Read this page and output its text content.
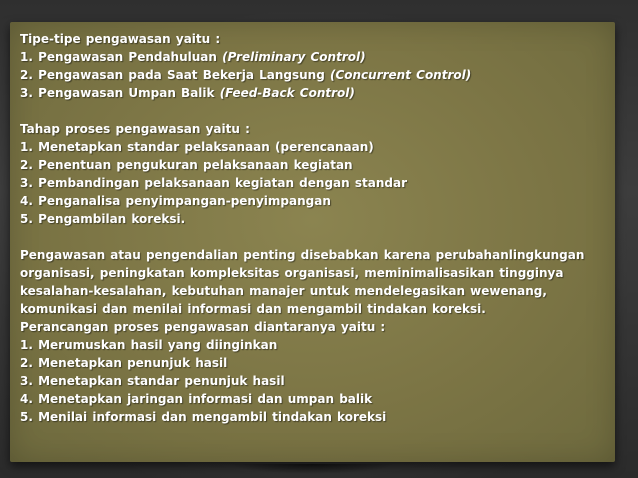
Tipe-tipe pengawasan yaitu :
1. Pengawasan Pendahuluan (Preliminary Control)
2. Pengawasan pada Saat Bekerja Langsung (Concurrent Control)
3. Pengawasan Umpan Balik (Feed-Back Control)
Tahap proses pengawasan yaitu :
1. Menetapkan standar pelaksanaan (perencanaan)
2. Penentuan pengukuran pelaksanaan kegiatan
3. Pembandingan pelaksanaan kegiatan dengan standar
4. Penganalisa penyimpangan-penyimpangan
5. Pengambilan koreksi.
Pengawasan atau pengendalian penting disebabkan karena perubahanlingkungan
organisasi, peningkatan kompleksitas organisasi, meminimalisasikan tingginya
kesalahan-kesalahan, kebutuhan manajer untuk mendelegasikan wewenang,
komunikasi dan menilai informasi dan mengambil tindakan koreksi.
Perancangan proses pengawasan diantaranya yaitu :
1. Merumuskan hasil yang diinginkan
2. Menetapkan penunjuk hasil
3. Menetapkan standar penunjuk hasil
4. Menetapkan jaringan informasi dan umpan balik
5. Menilai informasi dan mengambil tindakan koreksi
